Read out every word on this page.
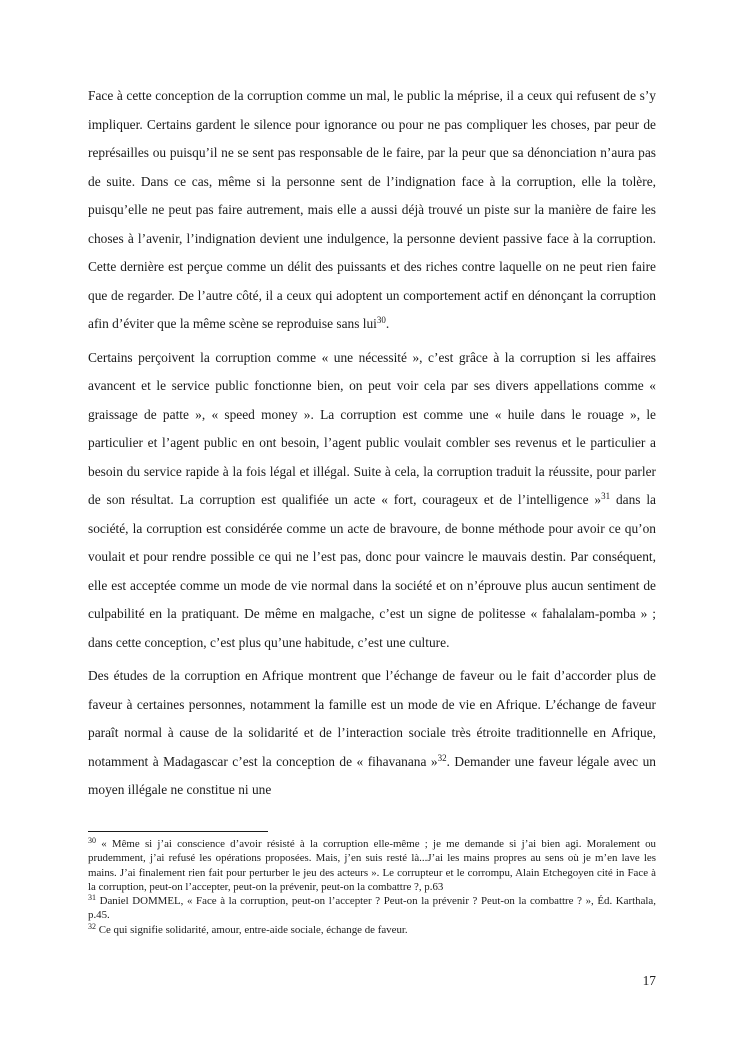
Face à cette conception de la corruption comme un mal, le public la méprise, il a ceux qui refusent de s’y impliquer. Certains gardent le silence pour ignorance ou pour ne pas compliquer les choses, par peur de représailles ou puisqu’il ne se sent pas responsable de le faire, par la peur que sa dénonciation n’aura pas de suite. Dans ce cas, même si la personne sent de l’indignation face à la corruption, elle la tolère, puisqu’elle ne peut pas faire autrement, mais elle a aussi déjà trouvé un piste sur la manière de faire les choses à l’avenir, l’indignation devient une indulgence, la personne devient passive face à la corruption. Cette dernière est perçue comme un délit des puissants et des riches contre laquelle on ne peut rien faire que de regarder. De l’autre côté, il a ceux qui adoptent un comportement actif en dénonçant la corruption afin d’éviter que la même scène se reproduise sans lui$^{30}$.

Certains perçoivent la corruption comme « une nécessité », c’est grâce à la corruption si les affaires avancent et le service public fonctionne bien, on peut voir cela par ses divers appellations comme « graissage de patte », « speed money ». La corruption est comme une « huile dans le rouage », le particulier et l’agent public en ont besoin, l’agent public voulait combler ses revenus et le particulier a besoin du service rapide à la fois légal et illégal. Suite à cela, la corruption traduit la réussite, pour parler de son résultat. La corruption est qualifiée un acte « fort, courageux et de l’intelligence »$^{31}$ dans la société, la corruption est considérée comme un acte de bravoure, de bonne méthode pour avoir ce qu’on voulait et pour rendre possible ce qui ne l’est pas, donc pour vaincre le mauvais destin. Par conséquent, elle est acceptée comme un mode de vie normal dans la société et on n’éprouve plus aucun sentiment de culpabilité en la pratiquant. De même en malgache, c’est un signe de politesse « fahalalam-pomba » ; dans cette conception, c’est plus qu’une habitude, c’est une culture.

Des études de la corruption en Afrique montrent que l’échange de faveur ou le fait d’accorder plus de faveur à certaines personnes, notamment la famille est un mode de vie en Afrique. L’échange de faveur paraît normal à cause de la solidarité et de l’interaction sociale très étroite traditionnelle en Afrique, notamment à Madagascar c’est la conception de « fihavanana »$^{32}$. Demander une faveur légale avec un moyen illégale ne constitue ni une

$^{30}$ « Même si j’ai conscience d’avoir résisté à la corruption elle-même ; je me demande si j’ai bien agi. Moralement ou prudemment, j’ai refusé les opérations proposées. Mais, j’en suis resté là...J’ai les mains propres au sens où je m’en lave les mains. J’ai finalement rien fait pour perturber le jeu des acteurs ». Le corrupteur et le corrompu, Alain Etchegoyen cité in Face à la corruption, peut-on l’accepter, peut-on la prévenir, peut-on la combattre ?, p.63

$^{31}$ Daniel DOMMEL, « Face à la corruption, peut-on l’accepter ? Peut-on la prévenir ? Peut-on la combattre ? », Éd. Karthala, p.45.

$^{32}$ Ce qui signifie solidarité, amour, entre-aide sociale, échange de faveur.

17
